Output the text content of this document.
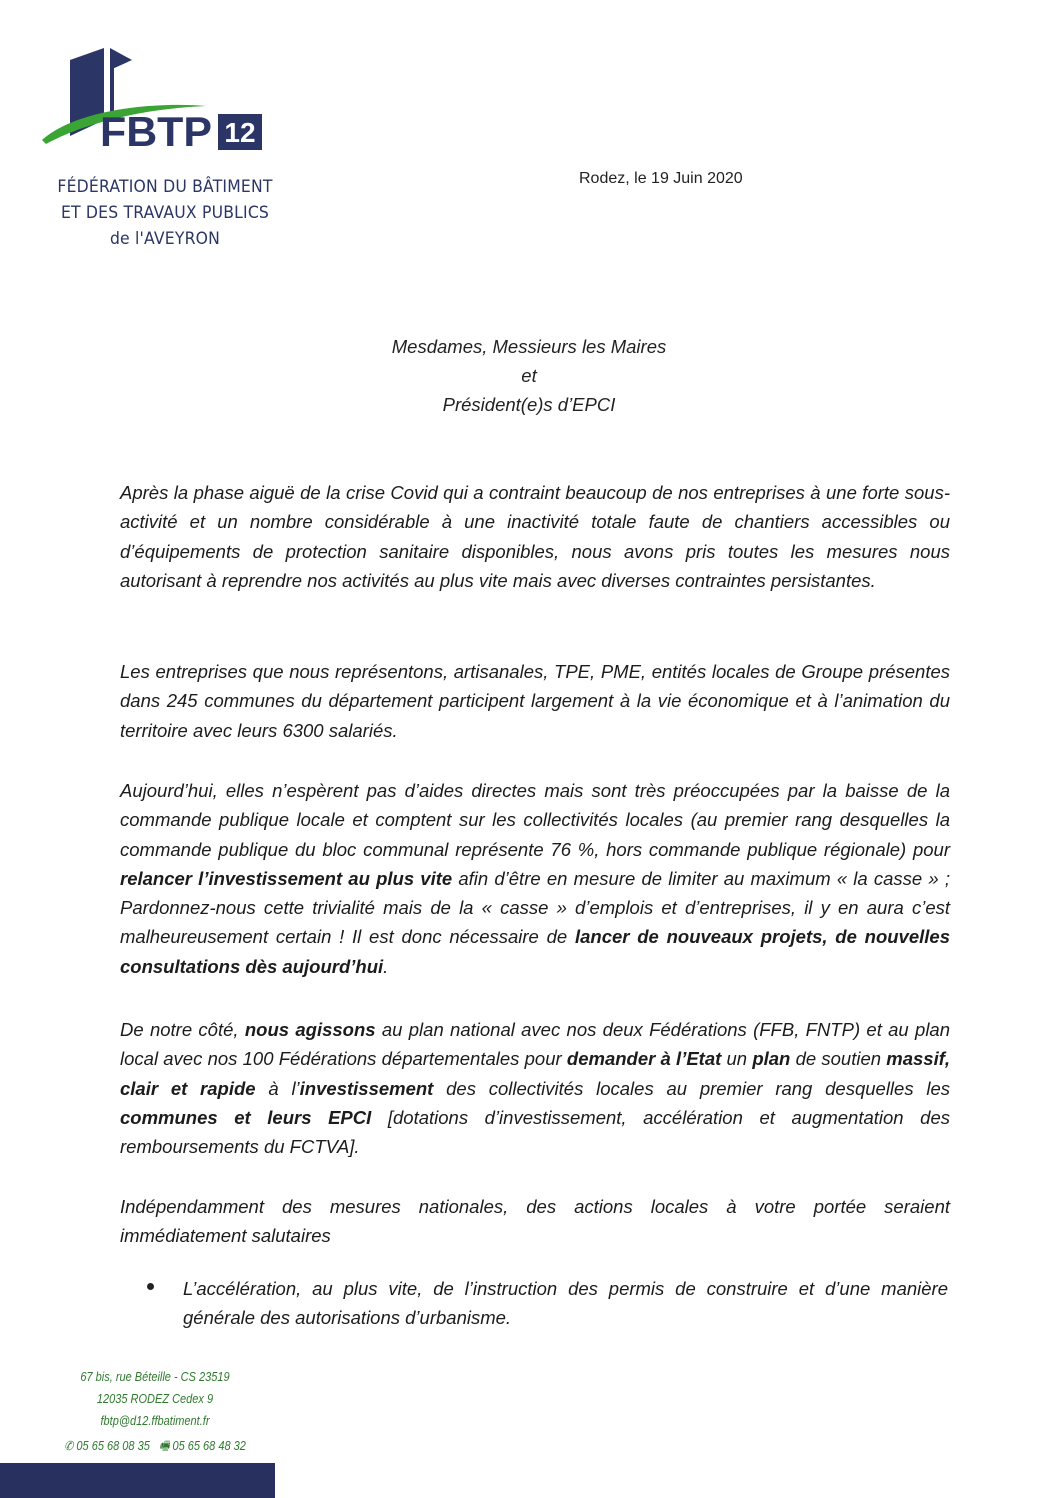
FBTP 12
FÉDÉRATION DU BÂTIMENT
ET DES TRAVAUX PUBLICS
de l'AVEYRON
Rodez, le 19 Juin 2020
Mesdames, Messieurs les Maires
et
Président(e)s d’EPCI

Après la phase aiguë de la crise Covid qui a contraint beaucoup de nos entreprises à une forte sous-activité et un nombre considérable à une inactivité totale faute de chantiers accessibles ou d’équipements de protection sanitaire disponibles, nous avons pris toutes les mesures nous autorisant à reprendre nos activités au plus vite mais avec diverses contraintes persistantes.

Les entreprises que nous représentons, artisanales, TPE, PME, entités locales de Groupe présentes dans 245 communes du département participent largement à la vie économique et à l’animation du territoire avec leurs 6300 salariés.

Aujourd’hui, elles n’espèrent pas d’aides directes mais sont très préoccupées par la baisse de la commande publique locale et comptent sur les collectivités locales (au premier rang desquelles la commande publique du bloc communal représente 76 %, hors commande publique régionale) pour relancer l’investissement au plus vite afin d’être en mesure de limiter au maximum « la casse » ; Pardonnez-nous cette trivialité mais de la « casse » d’emplois et d’entreprises, il y en aura c’est malheureusement certain ! Il est donc nécessaire de lancer de nouveaux projets, de nouvelles consultations dès aujourd’hui.

De notre côté, nous agissons au plan national avec nos deux Fédérations (FFB, FNTP) et au plan local avec nos 100 Fédérations départementales pour demander à l’Etat un plan de soutien massif, clair et rapide à l’investissement des collectivités locales au premier rang desquelles les communes et leurs EPCI [dotations d’investissement, accélération et augmentation des remboursements du FCTVA].

Indépendamment des mesures nationales, des actions locales à votre portée seraient immédiatement salutaires

L’accélération, au plus vite, de l’instruction des permis de construire et d’une manière générale des autorisations d’urbanisme.

67 bis, rue Béteille - CS 23519
12035 RODEZ Cedex 9
fbtp@d12.ffbatiment.fr
✆ 05 65 68 08 35 🖷 05 65 68 48 32
